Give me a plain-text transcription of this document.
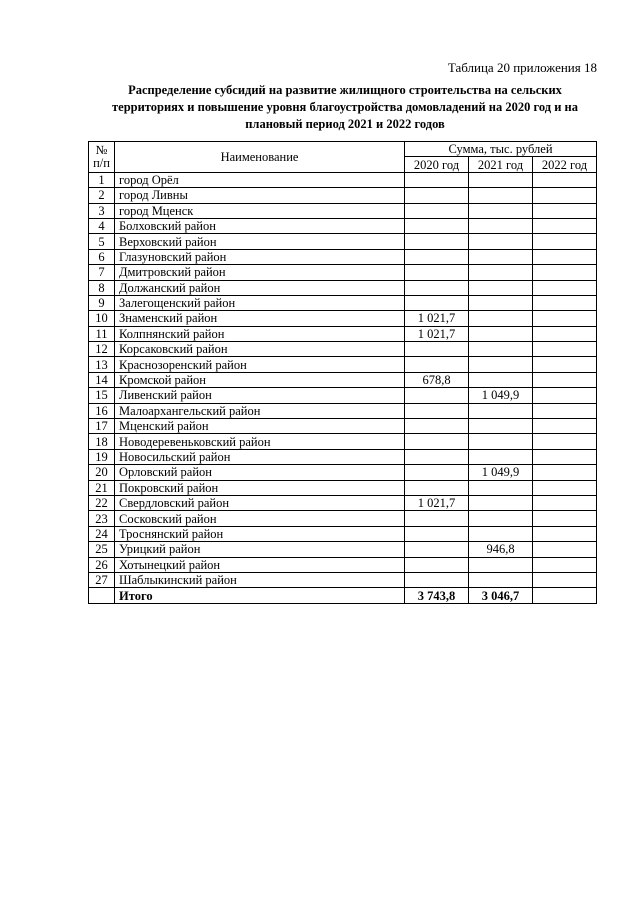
Таблица 20 приложения 18
Распределение субсидий на развитие жилищного строительства на сельских
территориях и повышение уровня благоустройства домовладений на 2020 год и на
плановый период 2021 и 2022 годов
№
п/п	Наименование	Сумма, тыс. рублей		
		2020 год	2021 год	2022 год
1	город Орёл			
2	город Ливны			
3	город Мценск			
4	Болховский район			
5	Верховский район			
6	Глазуновский район			
7	Дмитровский район			
8	Должанский район			
9	Залегощенский район			
10	Знаменский район	1 021,7		
11	Колпнянский район	1 021,7		
12	Корсаковский район			
13	Краснозоренский район			
14	Кромской район	678,8		
15	Ливенский район		1 049,9	
16	Малоархангельский район			
17	Мценский район			
18	Новодеревеньковский район			
19	Новосильский район			
20	Орловский район		1 049,9	
21	Покровский район			
22	Свердловский район	1 021,7		
23	Сосковский район			
24	Троснянский район			
25	Урицкий район		946,8	
26	Хотынецкий район			
27	Шаблыкинский район			
	Итого	3 743,8	3 046,7	
